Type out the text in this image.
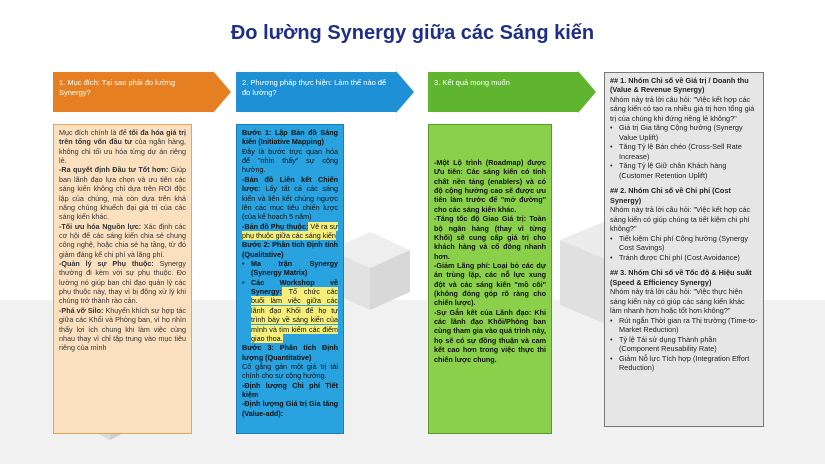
Đo lường Synergy giữa các Sáng kiến
1. Mục đích: Tại sao phải đo lường Synergy?
2. Phương pháp thực hiện: Làm thế nào để đo lường?
3. Kết quả mong muốn

Mục đích chính là để tối đa hóa giá trị trên tổng vốn đầu tư của ngân hàng, không chỉ tối ưu hóa từng dự án riêng lẻ.

-Ra quyết định Đầu tư Tốt hơn: Giúp ban lãnh đạo lựa chọn và ưu tiên các sáng kiến không chỉ dựa trên ROI độc lập của chúng, mà còn dựa trên khả năng chúng khuếch đại giá trị của các sáng kiến khác.

-Tối ưu hóa Nguồn lực: Xác định các cơ hội để các sáng kiến chia sẻ chung công nghệ, hoặc chia sẻ hạ tầng, từ đó giảm đáng kể chi phí và lãng phí.

-Quản lý sự Phụ thuộc: Synergy thường đi kèm với sự phụ thuộc. Đo lường nó giúp ban chỉ đạo quản lý các phụ thuộc này, thay vì bị động xử lý khi chúng trở thành rào cản.

-Phá vỡ Silo: Khuyến khích sự hợp tác giữa các Khối và Phòng ban, vì họ nhìn thấy lợi ích chung khi làm việc cùng nhau thay vì chỉ tập trung vào mục tiêu riêng của mình

Bước 1: Lập Bản đồ Sáng kiến (Initiative Mapping)

Đây là bước trực quan hóa để "nhìn thấy" sự cộng hưởng.

-Bản đồ Liên kết Chiến lược: Lấy tất cả các sáng kiến và liên kết chúng ngược lên các mục tiêu chiến lược (của kế hoạch 5 năm)

-Bản đồ Phụ thuộc: Vẽ ra sự phụ thuộc giữa các sáng kiến

Bước 2: Phân tích Định tính (Qualitative)

• Ma trận Synergy (Synergy Matrix)

• Các Workshop về Synergy: Tổ chức các buổi làm việc giữa các lãnh đạo Khối để họ tự trình bày về sáng kiến của mình và tìm kiếm các điểm giao thoa.

Bước 3: Phân tích Định lượng (Quantitative)

Cố gắng gán một giá trị tài chính cho sự cộng hưởng.

-Định lượng Chi phí Tiết kiệm

-Định lượng Giá trị Gia tăng (Value-add):

-Một Lộ trình (Roadmap) được Ưu tiên: Các sáng kiến có tính chất nền tảng (enablers) và có độ cộng hưởng cao sẽ được ưu tiên làm trước để "mở đường" cho các sáng kiến khác.

-Tăng tốc độ Giao Giá trị: Toàn bộ ngân hàng (thay vì từng Khối) sẽ cung cấp giá trị cho khách hàng và cổ đông nhanh hơn.

-Giảm Lãng phí: Loại bỏ các dự án trùng lặp, các nỗ lực xung đột và các sáng kiến "mồ côi" (không đóng góp rõ ràng cho chiến lược).

-Sự Gắn kết của Lãnh đạo: Khi các lãnh đạo Khối/Phòng ban cùng tham gia vào quá trình này, họ sẽ có sự đồng thuận và cam kết cao hơn trong việc thực thi chiến lược chung.

## 1. Nhóm Chỉ số về Giá trị / Doanh thu (Value & Revenue Synergy)

Nhóm này trả lời câu hỏi: "Việc kết hợp các sáng kiến có tạo ra nhiều giá trị hơn tổng giá trị của chúng khi đứng riêng lẻ không?"

• Giá trị Gia tăng Cộng hưởng (Synergy Value Uplift)

• Tăng Tỷ lệ Bán chéo (Cross-Sell Rate Increase)

• Tăng Tỷ lệ Giữ chân Khách hàng (Customer Retention Uplift)

## 2. Nhóm Chỉ số về Chi phí (Cost Synergy)

Nhóm này trả lời câu hỏi: "Việc kết hợp các sáng kiến có giúp chúng ta tiết kiệm chi phí không?"

• Tiết kiệm Chi phí Cộng hưởng (Synergy Cost Savings)

• Tránh được Chi phí (Cost Avoidance)

## 3. Nhóm Chỉ số về Tốc độ & Hiệu suất (Speed & Efficiency Synergy)

Nhóm này trả lời câu hỏi: "Việc thực hiện sáng kiến này có giúp các sáng kiến khác làm nhanh hơn hoặc tốt hơn không?"

• Rút ngắn Thời gian ra Thị trường (Time-to-Market Reduction)

• Tỷ lệ Tái sử dụng Thành phần (Component Reusability Rate)

• Giảm Nỗ lực Tích hợp (Integration Effort Reduction)
